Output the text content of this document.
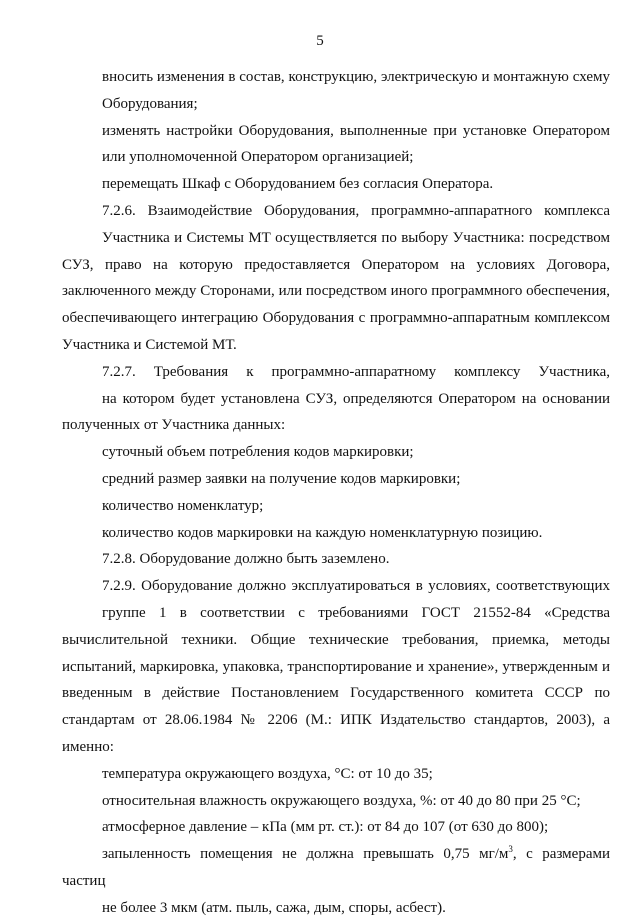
5

вносить изменения в состав, конструкцию, электрическую и монтажную схему
Оборудования;

изменять настройки Оборудования, выполненные при установке Оператором
или уполномоченной Оператором организацией;

перемещать Шкаф с Оборудованием без согласия Оператора.

7.2.6. Взаимодействие Оборудования, программно-аппаратного комплекса
Участника и Системы МТ осуществляется по выбору Участника: посредством СУЗ, право на которую предоставляется Оператором на условиях Договора, заключенного между Сторонами, или посредством иного программного обеспечения, обеспечивающего интеграцию Оборудования с программно-аппаратным комплексом Участника и Системой МТ.

7.2.7. Требования к программно-аппаратному комплексу Участника,
на котором будет установлена СУЗ, определяются Оператором на основании полученных от Участника данных:

суточный объем потребления кодов маркировки;

средний размер заявки на получение кодов маркировки;

количество номенклатур;

количество кодов маркировки на каждую номенклатурную позицию.

7.2.8. Оборудование должно быть заземлено.

7.2.9. Оборудование должно эксплуатироваться в условиях, соответствующих
группе 1 в соответствии с требованиями ГОСТ 21552-84 «Средства вычислительной техники. Общие технические требования, приемка, методы испытаний, маркировка, упаковка, транспортирование и хранение», утвержденным и введенным в действие Постановлением Государственного комитета СССР по стандартам от 28.06.1984 № 2206 (М.: ИПК Издательство стандартов, 2003), а именно:

температура окружающего воздуха, °С: от 10 до 35;

относительная влажность окружающего воздуха, %: от 40 до 80 при 25 °С;

атмосферное давление – кПа (мм рт. ст.): от 84 до 107 (от 630 до 800);

запыленность помещения не должна превышать 0,75 $мг/м^3$, с размерами частиц
не более 3 мкм (атм. пыль, сажа, дым, споры, асбест).
